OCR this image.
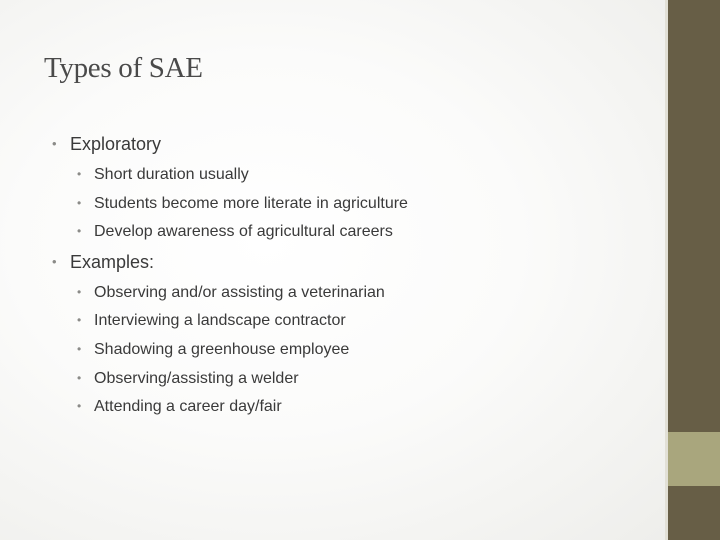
Types of SAE

• Exploratory

• Short duration usually

• Students become more literate in agriculture

• Develop awareness of agricultural careers

• Examples:

• Observing and/or assisting a veterinarian

• Interviewing a landscape contractor

• Shadowing a greenhouse employee

• Observing/assisting a welder

• Attending a career day/fair
